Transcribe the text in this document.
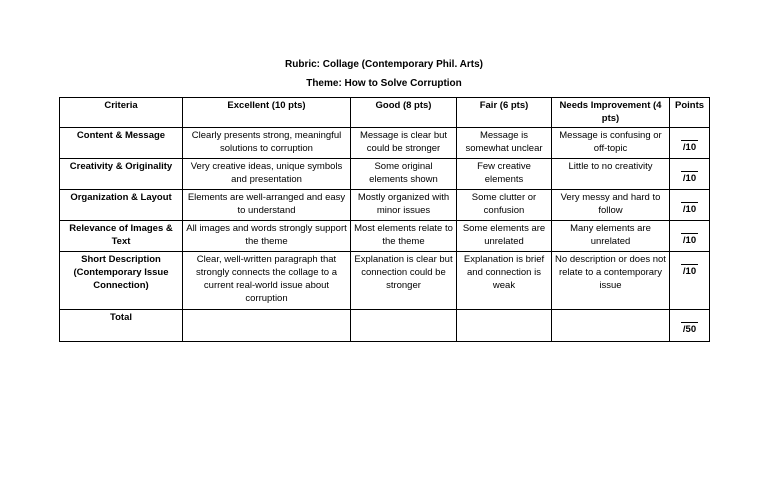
Rubric: Collage (Contemporary Phil. Arts)
Theme: How to Solve Corruption
Criteria	Excellent (10 pts)	Good (8 pts)	Fair (6 pts)	Needs Improvement (4 pts)	Points
Content & Message	Clearly presents strong, meaningful solutions to corruption	Message is clear but could be stronger	Message is somewhat unclear	Message is confusing or off-topic	/10

Creativity & Originality	Very creative ideas, unique symbols and presentation	Some original elements shown	Few creative elements	Little to no creativity	/10

Organization & Layout	Elements are well-arranged and easy to understand	Mostly organized with minor issues	Some clutter or confusion	Very messy and hard to follow	/10

Relevance of Images & Text	All images and words strongly support the theme	Most elements relate to the theme	Some elements are unrelated	Many elements are unrelated	/10

Short Description (Contemporary Issue Connection)	Clear, well-written paragraph that strongly connects the collage to a current real-world issue about corruption	Explanation is clear but connection could be stronger	Explanation is brief and connection is weak	No description or does not relate to a contemporary issue	/10

Total					/50
